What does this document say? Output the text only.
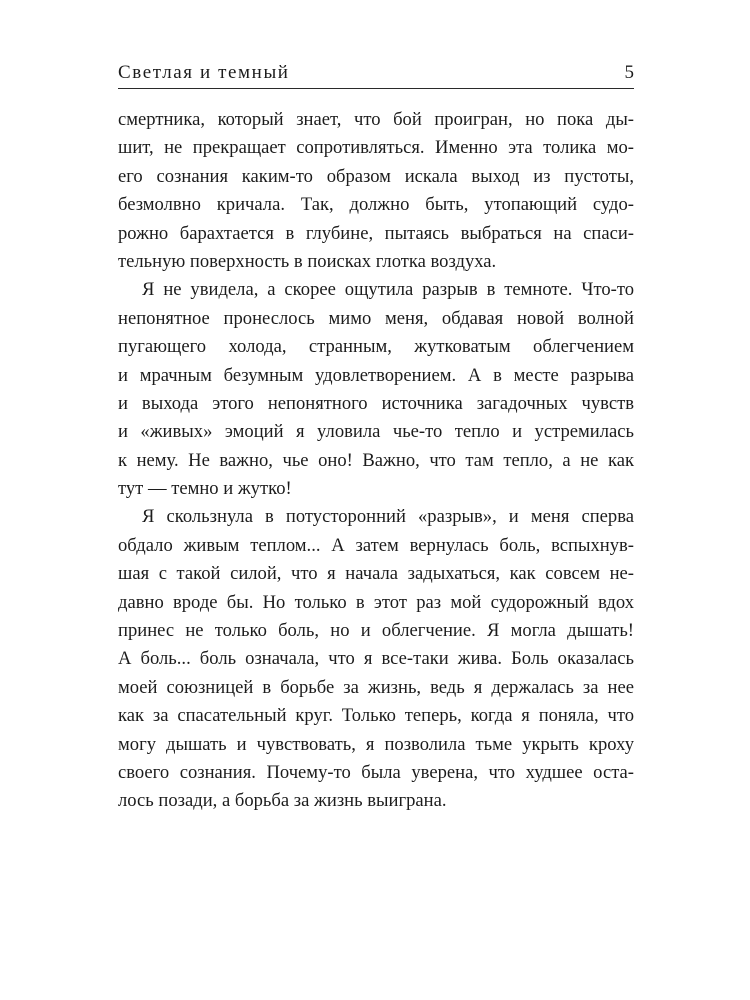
Светлая и темный	5
смертника, который знает, что бой проигран, но пока ды-
шит, не прекращает сопротивляться. Именно эта толика мо-
его сознания каким-то образом искала выход из пустоты,
безмолвно кричала. Так, должно быть, утопающий судо-
рожно барахтается в глубине, пытаясь выбраться на спаси-
тельную поверхность в поисках глотка воздуха.
Я не увидела, а скорее ощутила разрыв в темноте. Что-то
непонятное пронеслось мимо меня, обдавая новой волной
пугающего холода, странным, жутковатым облегчением
и мрачным безумным удовлетворением. А в месте разрыва
и выхода этого непонятного источника загадочных чувств
и «живых» эмоций я уловила чье-то тепло и устремилась
к нему. Не важно, чье оно! Важно, что там тепло, а не как
тут — темно и жутко!
Я скользнула в потусторонний «разрыв», и меня сперва
обдало живым теплом... А затем вернулась боль, вспыхнув-
шая с такой силой, что я начала задыхаться, как совсем не-
давно вроде бы. Но только в этот раз мой судорожный вдох
принес не только боль, но и облегчение. Я могла дышать!
А боль... боль означала, что я все-таки жива. Боль оказалась
моей союзницей в борьбе за жизнь, ведь я держалась за нее
как за спасательный круг. Только теперь, когда я поняла, что
могу дышать и чувствовать, я позволила тьме укрыть кроху
своего сознания. Почему-то была уверена, что худшее оста-
лось позади, а борьба за жизнь выиграна.
